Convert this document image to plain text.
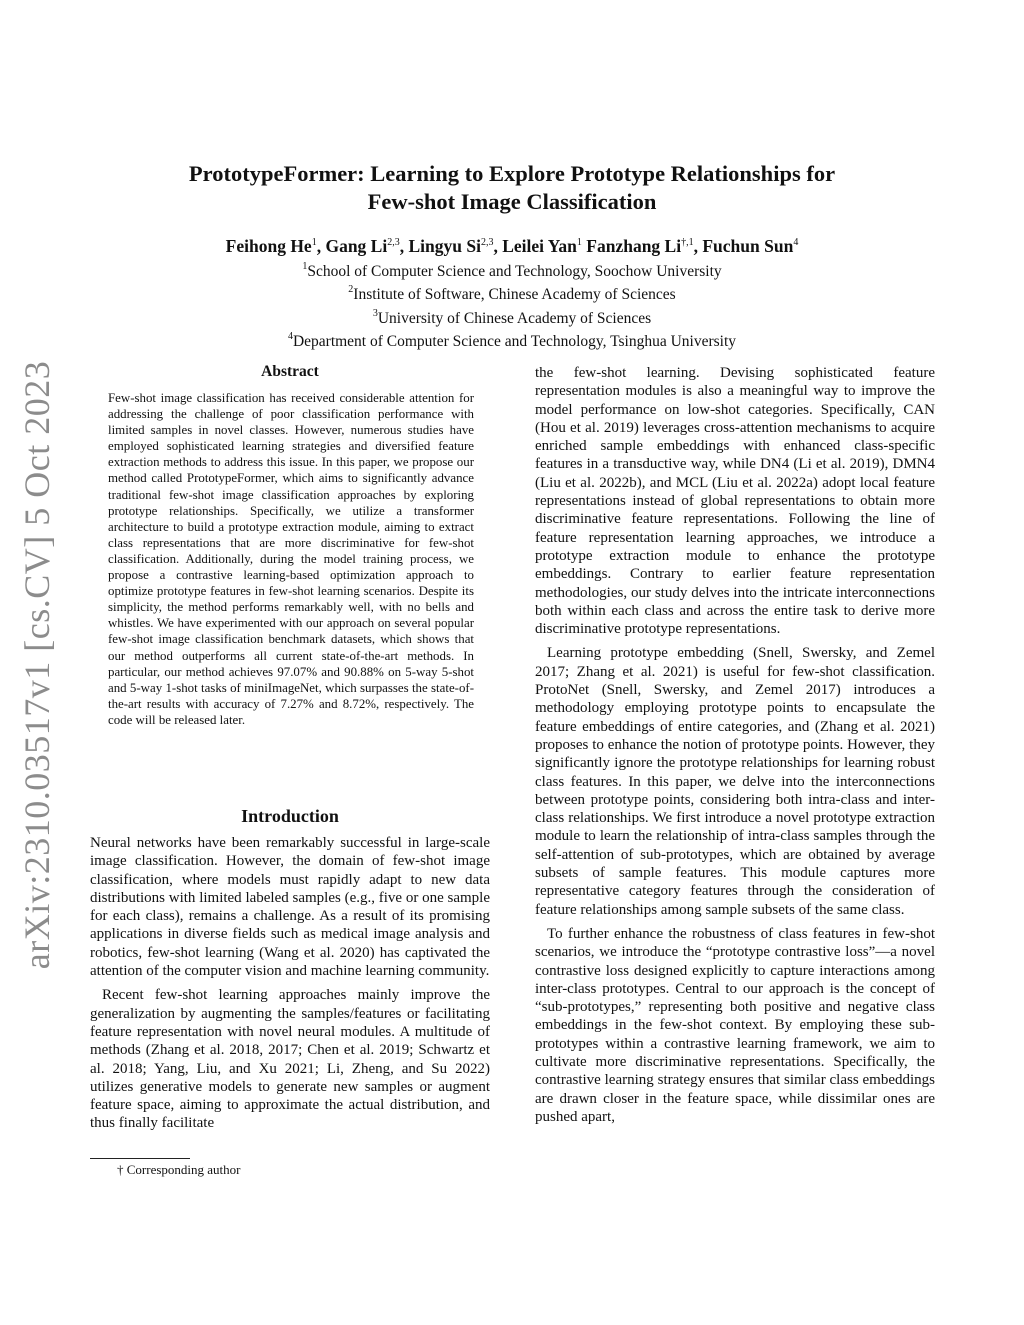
arXiv:2310.03517v1 [cs.CV] 5 Oct 2023
PrototypeFormer: Learning to Explore Prototype Relationships for
Few-shot Image Classification
Feihong He$^1$, Gang Li$^{2,3}$, Lingyu Si$^{2,3}$, Leilei Yan$^1$ Fanzhang $Li^{\dagger,1}$, Fuchun Sun$^4$
$^1$School of Computer Science and Technology, Soochow University
$^2$Institute of Software, Chinese Academy of Sciences
$^3$University of Chinese Academy of Sciences
$^4$Department of Computer Science and Technology, Tsinghua University
Abstract

Few-shot image classification has received considerable attention for addressing the challenge of poor classification performance with limited samples in novel classes. However, numerous studies have employed sophisticated learning strategies and diversified feature extraction methods to address this issue. In this paper, we propose our method called PrototypeFormer, which aims to significantly advance traditional few-shot image classification approaches by exploring prototype relationships. Specifically, we utilize a transformer architecture to build a prototype extraction module, aiming to extract class representations that are more discriminative for few-shot classification. Additionally, during the model training process, we propose a contrastive learning-based optimization approach to optimize prototype features in few-shot learning scenarios. Despite its simplicity, the method performs remarkably well, with no bells and whistles. We have experimented with our approach on several popular few-shot image classification benchmark datasets, which shows that our method outperforms all current state-of-the-art methods. In particular, our method achieves 97.07% and 90.88% on 5-way 5-shot and 5-way 1-shot tasks of miniImageNet, which surpasses the state-of-the-art results with accuracy of 7.27% and 8.72%, respectively. The code will be released later.

Introduction

Neural networks have been remarkably successful in large-scale image classification. However, the domain of few-shot image classification, where models must rapidly adapt to new data distributions with limited labeled samples (e.g., five or one sample for each class), remains a challenge. As a result of its promising applications in diverse fields such as medical image analysis and robotics, few-shot learning (Wang et al. 2020) has captivated the attention of the computer vision and machine learning community.

Recent few-shot learning approaches mainly improve the generalization by augmenting the samples/features or facilitating feature representation with novel neural modules. A multitude of methods (Zhang et al. 2018, 2017; Chen et al. 2019; Schwartz et al. 2018; Yang, Liu, and Xu 2021; Li, Zheng, and Su 2022) utilizes generative models to generate new samples or augment feature space, aiming to approximate the actual distribution, and thus finally facilitate

the few-shot learning. Devising sophisticated feature representation modules is also a meaningful way to improve the model performance on low-shot categories. Specifically, CAN (Hou et al. 2019) leverages cross-attention mechanisms to acquire enriched sample embeddings with enhanced class-specific features in a transductive way, while DN4 (Li et al. 2019), DMN4 (Liu et al. 2022b), and MCL (Liu et al. 2022a) adopt local feature representations instead of global representations to obtain more discriminative feature representations. Following the line of feature representation learning approaches, we introduce a prototype extraction module to enhance the prototype embeddings. Contrary to earlier feature representation methodologies, our study delves into the intricate interconnections both within each class and across the entire task to derive more discriminative prototype representations.

Learning prototype embedding (Snell, Swersky, and Zemel 2017; Zhang et al. 2021) is useful for few-shot classification. ProtoNet (Snell, Swersky, and Zemel 2017) introduces a methodology employing prototype points to encapsulate the feature embeddings of entire categories, and (Zhang et al. 2021) proposes to enhance the notion of prototype points. However, they significantly ignore the prototype relationships for learning robust class features. In this paper, we delve into the interconnections between prototype points, considering both intra-class and inter-class relationships. We first introduce a novel prototype extraction module to learn the relationship of intra-class samples through the self-attention of sub-prototypes, which are obtained by average subsets of sample features. This module captures more representative category features through the consideration of feature relationships among sample subsets of the same class.

To further enhance the robustness of class features in few-shot scenarios, we introduce the “prototype contrastive loss”—a novel contrastive loss designed explicitly to capture interactions among inter-class prototypes. Central to our approach is the concept of “sub-prototypes,” representing both positive and negative class embeddings in the few-shot context. By employing these sub-prototypes within a contrastive learning framework, we aim to cultivate more discriminative representations. Specifically, the contrastive learning strategy ensures that similar class embeddings are drawn closer in the feature space, while dissimilar ones are pushed apart,

† Corresponding author
